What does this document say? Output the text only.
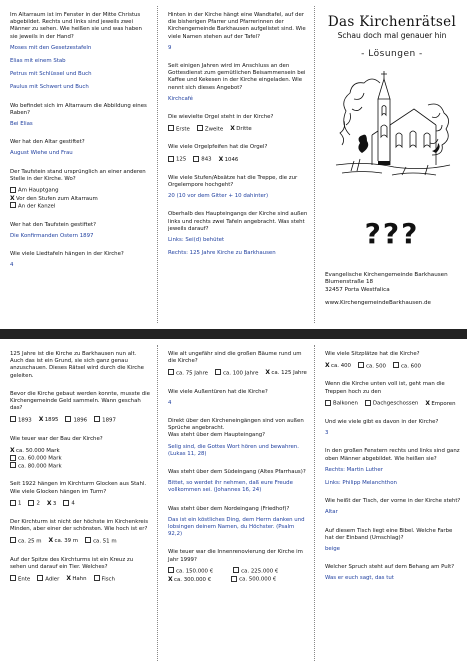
Im Altarraum ist im Fenster in der Mitte Christus abgebildet. Rechts und links sind jeweils zwei Männer zu sehen. Wie heißen sie und was haben sie jeweils in der Hand?

Moses mit den Gesetzestafeln

Elias mit einem Stab

Petrus mit Schlüssel und Buch

Paulus mit Schwert und Buch

Wo befindet sich im Altarraum die Abbildung eines Raben?

Bei Elias

Wer hat den Altar gestiftet?

August Wiehe und Frau

Der Taufstein stand ursprünglich an einer anderen Stelle in der Kirche. Wo?

Am Hauptgang
XVor den Stufen zum Altarraum
An der Kanzel

Wer hat den Taufstein gestiftet?

Die Konfirmanden Ostern 1897

Wie viele Liedtafeln hängen in der Kirche?

4

Hinten in der Kirche hängt eine Wandtafel, auf der die bisherigen Pfarrer und Pfarrerinnen der Kirchengemeinde Barkhausen aufgelistet sind. Wie viele Namen stehen auf der Tafel?

9

Seit einigen Jahren wird im Anschluss an den Gottesdienst zum gemütlichen Beisammensein bei Kaffee und Kekesen in der Kirche eingeladen. Wie nennt sich dieses Angebot?

Kirchcafé

Die wievielte Orgel steht in der Kirche?

Erste	Zweite XDritte

Wie viele Orgelpfeifen hat die Orgel?

125	843 X1046

Wie viele Stufen/Absätze hat die Treppe, die zur Orgelempore hochgeht?

20 (10 vor dem Gitter + 10 dahinter)

Oberhalb des Haupteingangs der Kirche sind außen links und rechts zwei Tafeln angebracht. Was steht jeweils darauf?

Links: Sei(d) behütet

Rechts: 125 Jahre Kirche zu Barkhausen

Das Kirchenrätsel
Schau doch mal genauer hin
- Lösungen -
???

Evangelische Kirchengemeinde Barkhausen

Blumenstraße 18

32457 Porta Westfalica

www.KirchengemeindeBarkhausen.de

125 Jahre ist die Kirche zu Barkhausen nun alt. Auch das ist ein Grund, sie sich ganz genau anzuschauen. Dieses Rätsel wird durch die Kirche geleiten.

Bevor die Kirche gebaut werden konnte, musste die Kirchengemeinde Geld sammeln. Wann geschah das?

1893 X1895	1896	1897

Wie teuer war der Bau der Kirche?

Xca. 50.000 Mark
ca. 60.000 Mark
ca. 80.000 Mark

Seit 1922 hängen im Kirchturm Glocken aus Stahl. Wie viele Glocken hängen im Turm?

1	2 X3	4

Der Kirchturm ist nicht der höchste im Kirchenkreis Minden, aber einer der schönsten. Wie hoch ist er?

ca. 25 m Xca. 39 m	ca. 51 m

Auf der Spitze des Kirchturms ist ein Kreuz zu sehen und darauf ein Tier. Welches?

Ente	Adler XHahn	Fisch

Wie alt ungefähr sind die großen Bäume rund um die Kirche?

ca. 75 Jahre	ca. 100 Jahre Xca. 125 Jahre

Wie viele Außentüren hat die Kirche?

4

Direkt über den Kircheneingängen sind von außen Sprüche angebracht.
Was steht über dem Haupteingang?

Selig sind, die Gottes Wort hören und bewahren. (Lukas 11, 28)

Was steht über dem Südeingang (Altes Pfarrhaus)?

Bittet, so werdet ihr nehmen, daß eure Freude vollkommen sei. (Johannes 16, 24)

Was steht über dem Nordeingang (Friedhof)?

Das ist ein köstliches Ding, dem Herrn danken und lobsingen deinem Namen, du Höchster. (Psalm 92,2)

Wie teuer war die Innenrenovierung der Kirche im Jahr 1999?

ca. 150.000 €	ca. 225.000 €
Xca. 300.000 €	ca. 500.000 €

Wie viele Sitzplätze hat die Kirche?

Xca. 400	ca. 500	ca. 600

Wenn die Kirche unten voll ist, geht man die Treppen hoch zu den

Balkonen	Dachgeschossen XEmporen

Und wie viele gibt es davon in der Kirche?

3

In den großen Fenstern rechts und links sind ganz oben Männer abgebildet. Wie heißen sie?

Rechts: Martin Luther

Links: Philipp Melanchthon

Wie heißt der Tisch, der vorne in der Kirche steht?

Altar

Auf diesem Tisch liegt eine Bibel. Welche Farbe hat der Einband (Umschlag)?

beige

Welcher Spruch steht auf dem Behang am Pult?

Was er euch sagt, das tut
